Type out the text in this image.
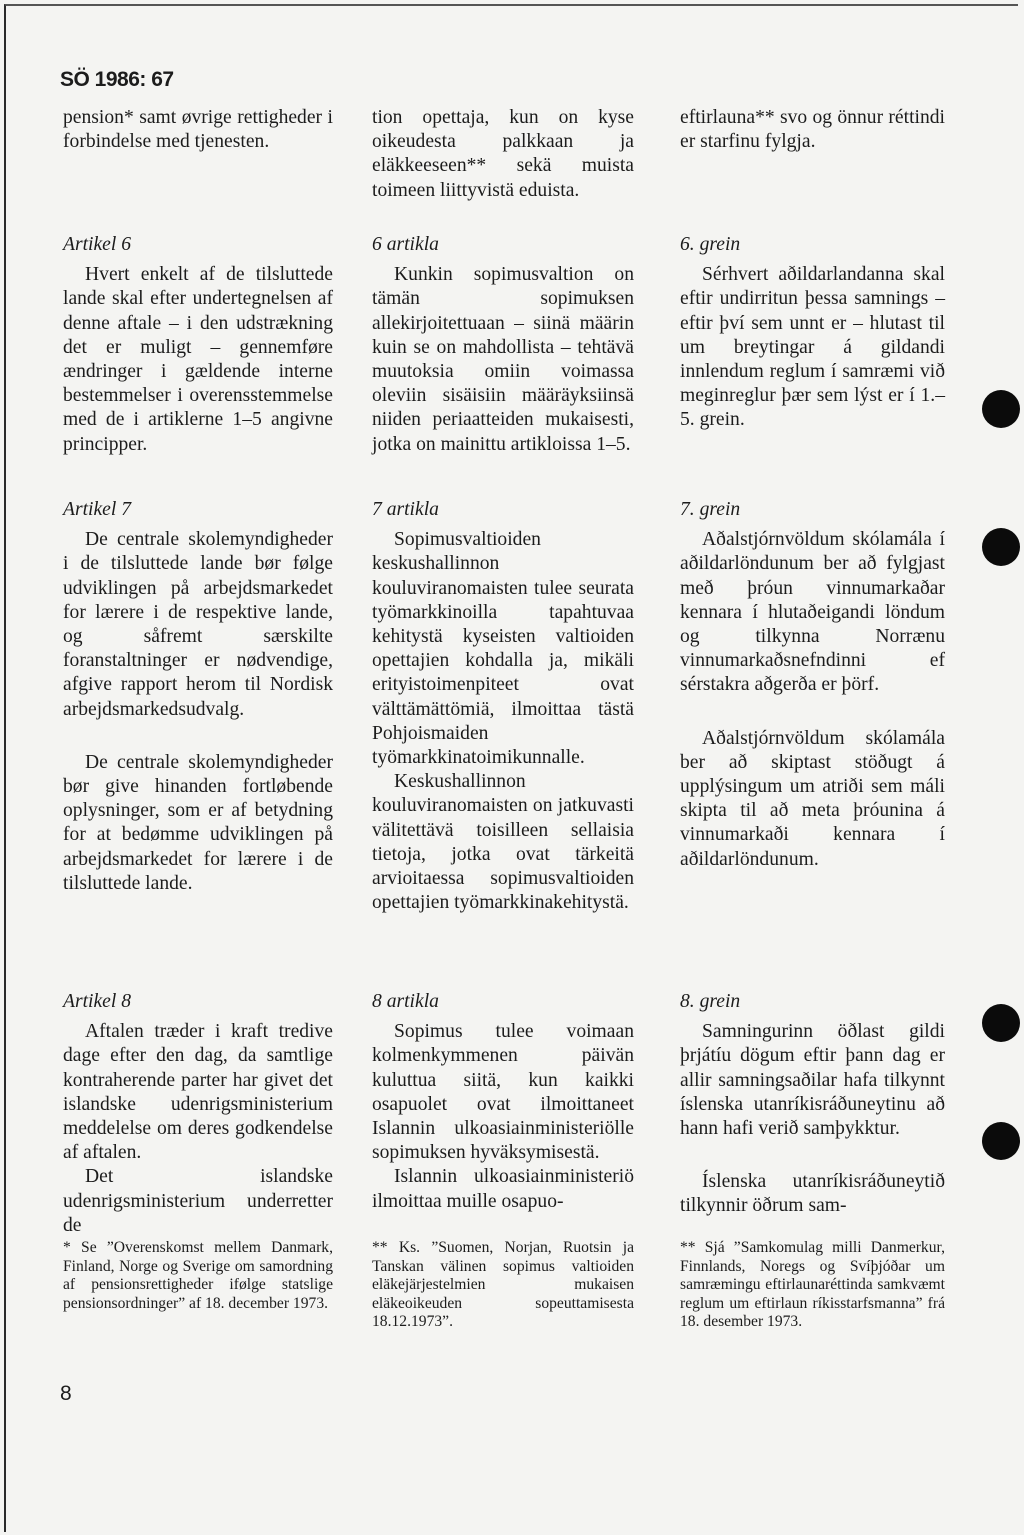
SÖ 1986: 67

pension* samt øvrige rettigheder i forbindelse med tjenesten.

Artikel 6

Hvert enkelt af de tilsluttede lande skal efter undertegnelsen af denne aftale – i den udstrækning det er muligt – gennemføre ændringer i gældende interne bestemmelser i overensstemmelse med de i artiklerne 1–5 angivne principper.

Artikel 7

De centrale skolemyndigheder i de tilsluttede lande bør følge udviklingen på arbejdsmarkedet for lærere i de respektive lande, og såfremt særskilte foranstaltninger er nødvendige, afgive rapport herom til Nordisk arbejdsmarkedsudvalg.

De centrale skolemyndigheder bør give hinanden fortløbende oplysninger, som er af betydning for at bedømme udviklingen på arbejdsmarkedet for lærere i de tilsluttede lande.

Artikel 8

Aftalen træder i kraft tredive dage efter den dag, da samtlige kontraherende parter har givet det islandske udenrigsministerium meddelelse om deres godkendelse af aftalen.

Det islandske udenrigsministerium underretter de

* Se ”Overenskomst mellem Danmark, Finland, Norge og Sverige om samordning af pensionsrettigheder ifølge statslige pensionsordninger” af 18. december 1973.

tion opettaja, kun on kyse oikeudesta palkkaan ja eläkkeeseen** sekä muista toimeen liittyvistä eduista.

6 artikla

Kunkin sopimusvaltion on tämän sopimuksen allekirjoitettuaan – siinä määrin kuin se on mahdollista – tehtävä muutoksia omiin voimassa oleviin sisäisiin määräyksiinsä niiden periaatteiden mukaisesti, jotka on mainittu artikloissa 1–5.

7 artikla

Sopimusvaltioiden keskushallinnon kouluviranomaisten tulee seurata työmarkkinoilla tapahtuvaa kehitystä kyseisten valtioiden opettajien kohdalla ja, mikäli erityistoimenpiteet ovat välttämättömiä, ilmoittaa tästä Pohjoismaiden työmarkkinatoimikunnalle.

Keskushallinnon kouluviranomaisten on jatkuvasti välitettävä toisilleen sellaisia tietoja, jotka ovat tärkeitä arvioitaessa sopimusvaltioiden opettajien työmarkkinakehitystä.

8 artikla

Sopimus tulee voimaan kolmenkymmenen päivän kuluttua siitä, kun kaikki osapuolet ovat ilmoittaneet Islannin ulkoasiainministeriölle sopimuksen hyväksymisestä.

Islannin ulkoasiainministeriö ilmoittaa muille osapuo-

** Ks. ”Suomen, Norjan, Ruotsin ja Tanskan välinen sopimus valtioiden eläkejärjestelmien mukaisen eläkeoikeuden sopeuttamisesta 18.12.1973”.

eftirlauna** svo og önnur réttindi er starfinu fylgja.

6. grein

Sérhvert aðildarlandanna skal eftir undirritun þessa samnings – eftir því sem unnt er – hlutast til um breytingar á gildandi innlendum reglum í samræmi við meginreglur þær sem lýst er í 1.–5. grein.

7. grein

Aðalstjórnvöldum skólamála í aðildarlöndunum ber að fylgjast með þróun vinnumarkaðar kennara í hlutaðeigandi löndum og tilkynna Norrænu vinnumarkaðsnefndinni ef sérstakra aðgerða er þörf.

Aðalstjórnvöldum skólamála ber að skiptast stöðugt á upplýsingum um atriði sem máli skipta til að meta þróunina á vinnumarkaði kennara í aðildarlöndunum.

8. grein

Samningurinn öðlast gildi þrjátíu dögum eftir þann dag er allir samningsaðilar hafa tilkynnt íslenska utanríkisráðuneytinu að hann hafi verið samþykktur.

Íslenska utanríkisráðuneytið tilkynnir öðrum sam-

** Sjá ”Samkomulag milli Danmerkur, Finnlands, Noregs og Svíþjóðar um samræmingu eftirlaunaréttinda samkvæmt reglum um eftirlaun ríkisstarfsmanna” frá 18. desember 1973.

8
